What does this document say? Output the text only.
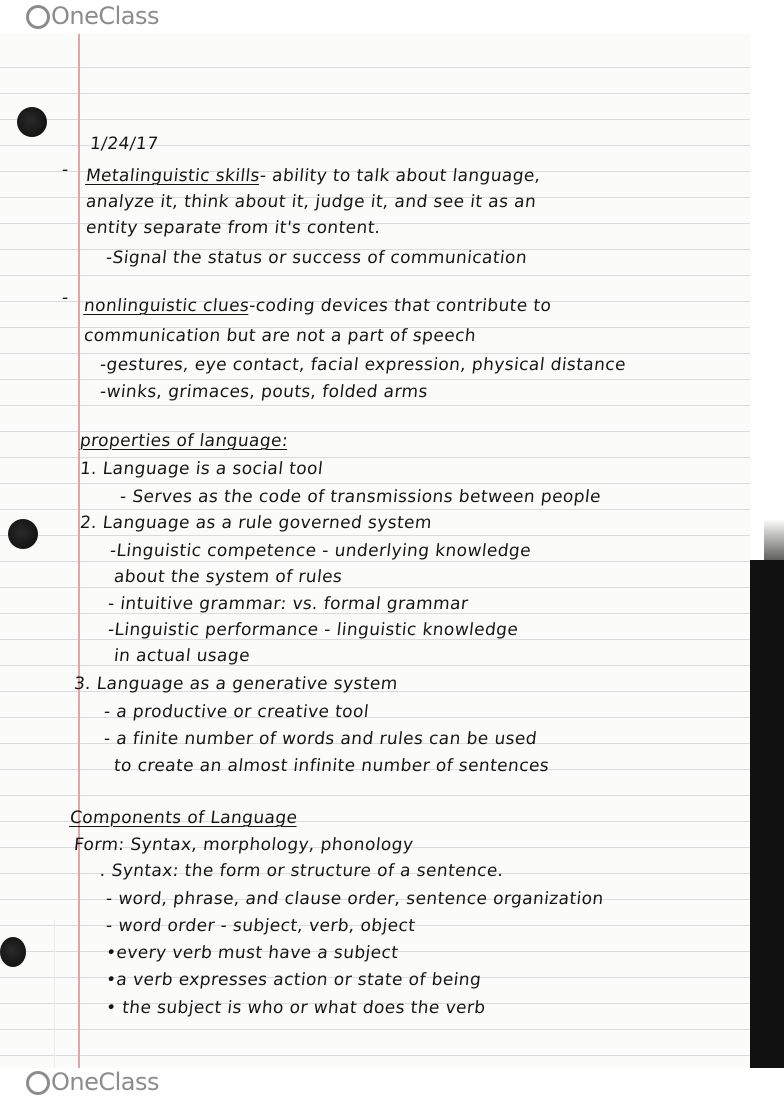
OneClass
1/24/17
- Metalinguistic skills- ability to talk about language,
analyze it, think about it, judge it, and see it as an
entity separate from it's content.
-Signal the status or success of communication
- nonlinguistic clues-coding devices that contribute to
communication but are not a part of speech
-gestures, eye contact, facial expression, physical distance
-winks, grimaces, pouts, folded arms
properties of language:
1. Language is a social tool
- Serves as the code of transmissions between people
2. Language as a rule governed system
-Linguistic competence - underlying knowledge
about the system of rules
- intuitive grammar: vs. formal grammar
-Linguistic performance - linguistic knowledge
in actual usage
3. Language as a generative system
- a productive or creative tool
- a finite number of words and rules can be used
to create an almost infinite number of sentences
Components of Language
Form: Syntax, morphology, phonology
. Syntax: the form or structure of a sentence.
- word, phrase, and clause order, sentence organization
- word order - subject, verb, object
•every verb must have a subject
•a verb expresses action or state of being
• the subject is who or what does the verb
OneClass
